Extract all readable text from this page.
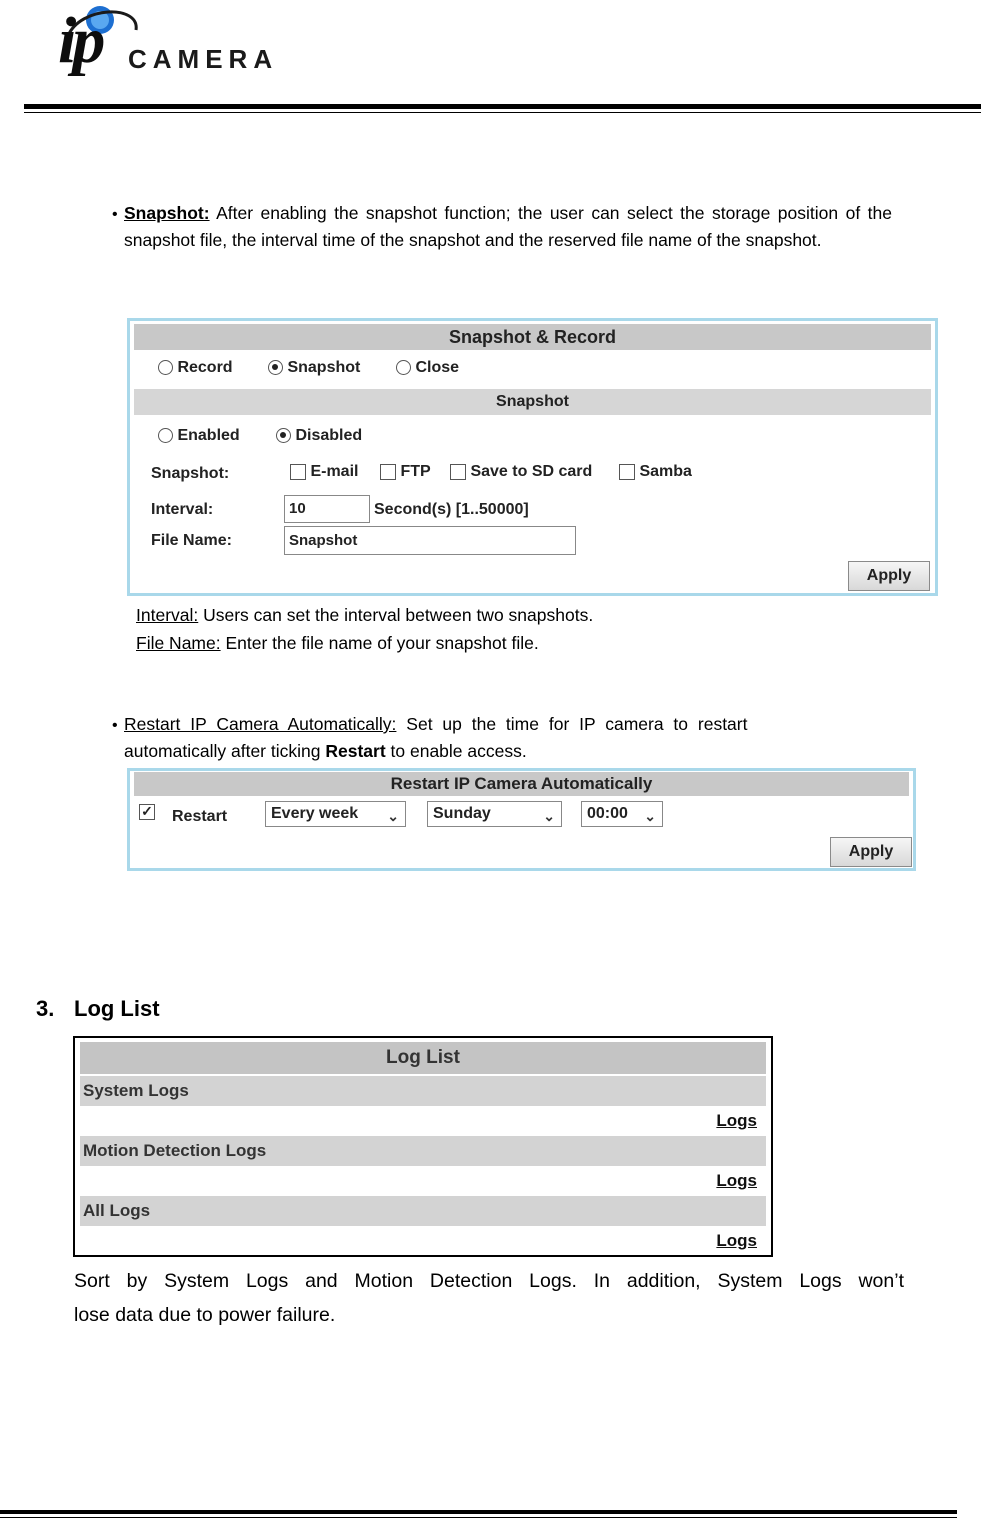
ip CAMERA
• Snapshot: After enabling the snapshot function; the user can select the storage position of the snapshot file, the interval time of the snapshot and the reserved file name of the snapshot.
Snapshot & Record
Record	Snapshot	Close
Snapshot
Enabled	Disabled
Snapshot:	E-mail	FTP	Save to SD card	Samba
Interval:	10	Second(s) [1..50000]
File Name:	Snapshot
Apply
Interval: Users can set the interval between two snapshots.
File Name: Enter the file name of your snapshot file.
• Restart IP Camera Automatically: Set up the time for IP camera to restart
automatically after ticking Restart to enable access.
Restart IP Camera Automatically
✓ Restart	Every week ⌄	Sunday	⌄	00:00 ⌄
Apply
3. Log List
Log List
System Logs
Logs
Motion Detection Logs
Logs
All Logs
Logs
Sort by System Logs and Motion Detection Logs. In addition, System Logs won’t
lose data due to power failure.
